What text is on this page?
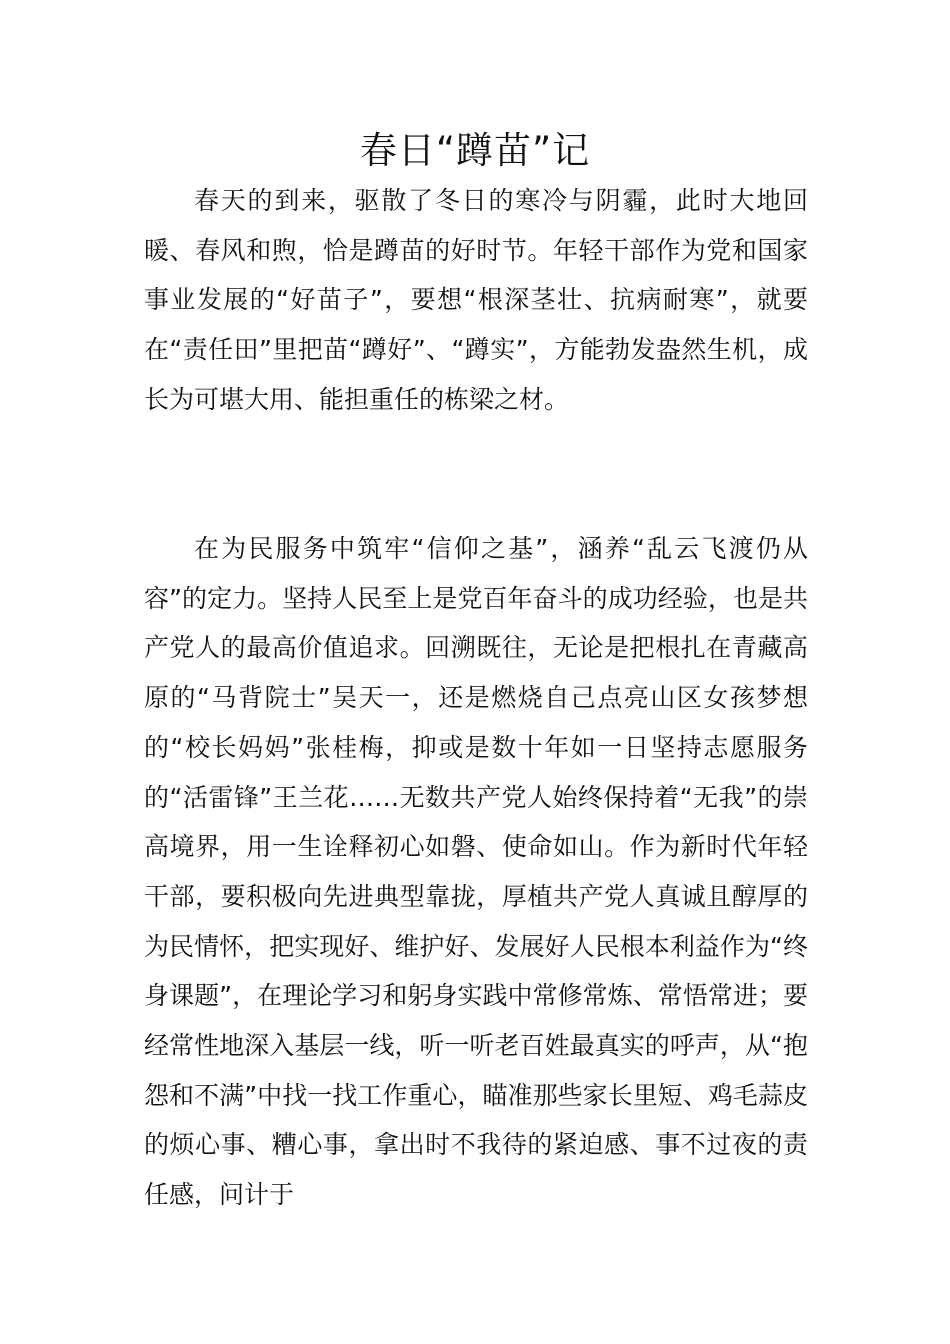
春日“蹲苗”记

春天的到来，驱散了冬日的寒冷与阴霾，此时大地回暖、春风和煦，恰是蹲苗的好时节。年轻干部作为党和国家事业发展的“好苗子”，要想“根深茎壮、抗病耐寒”，就要在“责任田”里把苗“蹲好”、“蹲实”，方能勃发盎然生机，成长为可堪大用、能担重任的栋梁之材。

在为民服务中筑牢“信仰之基”，涵养“乱云飞渡仍从容”的定力。坚持人民至上是党百年奋斗的成功经验，也是共产党人的最高价值追求。回溯既往，无论是把根扎在青藏高原的“马背院士”吴天一，还是燃烧自己点亮山区女孩梦想的“校长妈妈”张桂梅，抑或是数十年如一日坚持志愿服务的“活雷锋”王兰花……无数共产党人始终保持着“无我”的崇高境界，用一生诠释初心如磐、使命如山。作为新时代年轻干部，要积极向先进典型靠拢，厚植共产党人真诚且醇厚的为民情怀，把实现好、维护好、发展好人民根本利益作为“终身课题”，在理论学习和躬身实践中常修常炼、常悟常进；要经常性地深入基层一线，听一听老百姓最真实的呼声，从“抱怨和不满”中找一找工作重心，瞄准那些家长里短、鸡毛蒜皮的烦心事、糟心事，拿出时不我待的紧迫感、事不过夜的责任感，问计于
